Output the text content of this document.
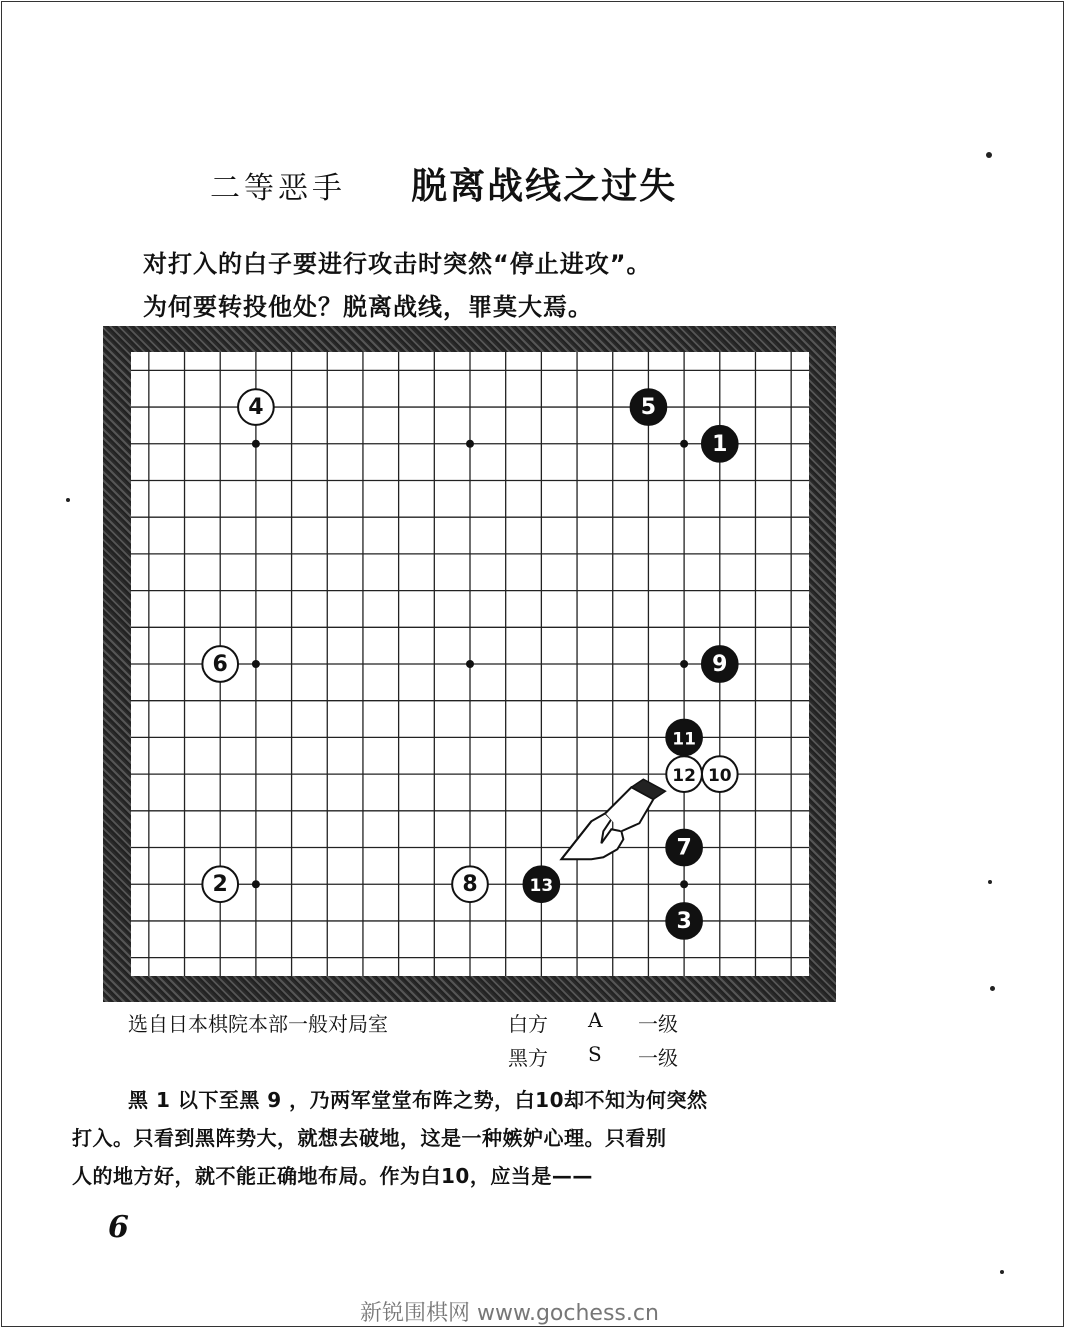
二等恶手 脱离战线之过失
对打入的白子要进行攻击时突然“停止进攻”。
为何要转投他处？脱离战线，罪莫大焉。
1
2
3
4	5
6
7
8
9
10
11
12
13
选自日本棋院本部一般对局室	白方 A 一级
黑方 S 一级
黑 1 以下至黑 9 ，乃两军堂堂布阵之势，白10却不知为何突然
打入。只看到黑阵势大，就想去破地，这是一种嫉妒心理。只看别
人的地方好，就不能正确地布局。作为白10，应当是——
6
新锐围棋网 www.gochess.cn
